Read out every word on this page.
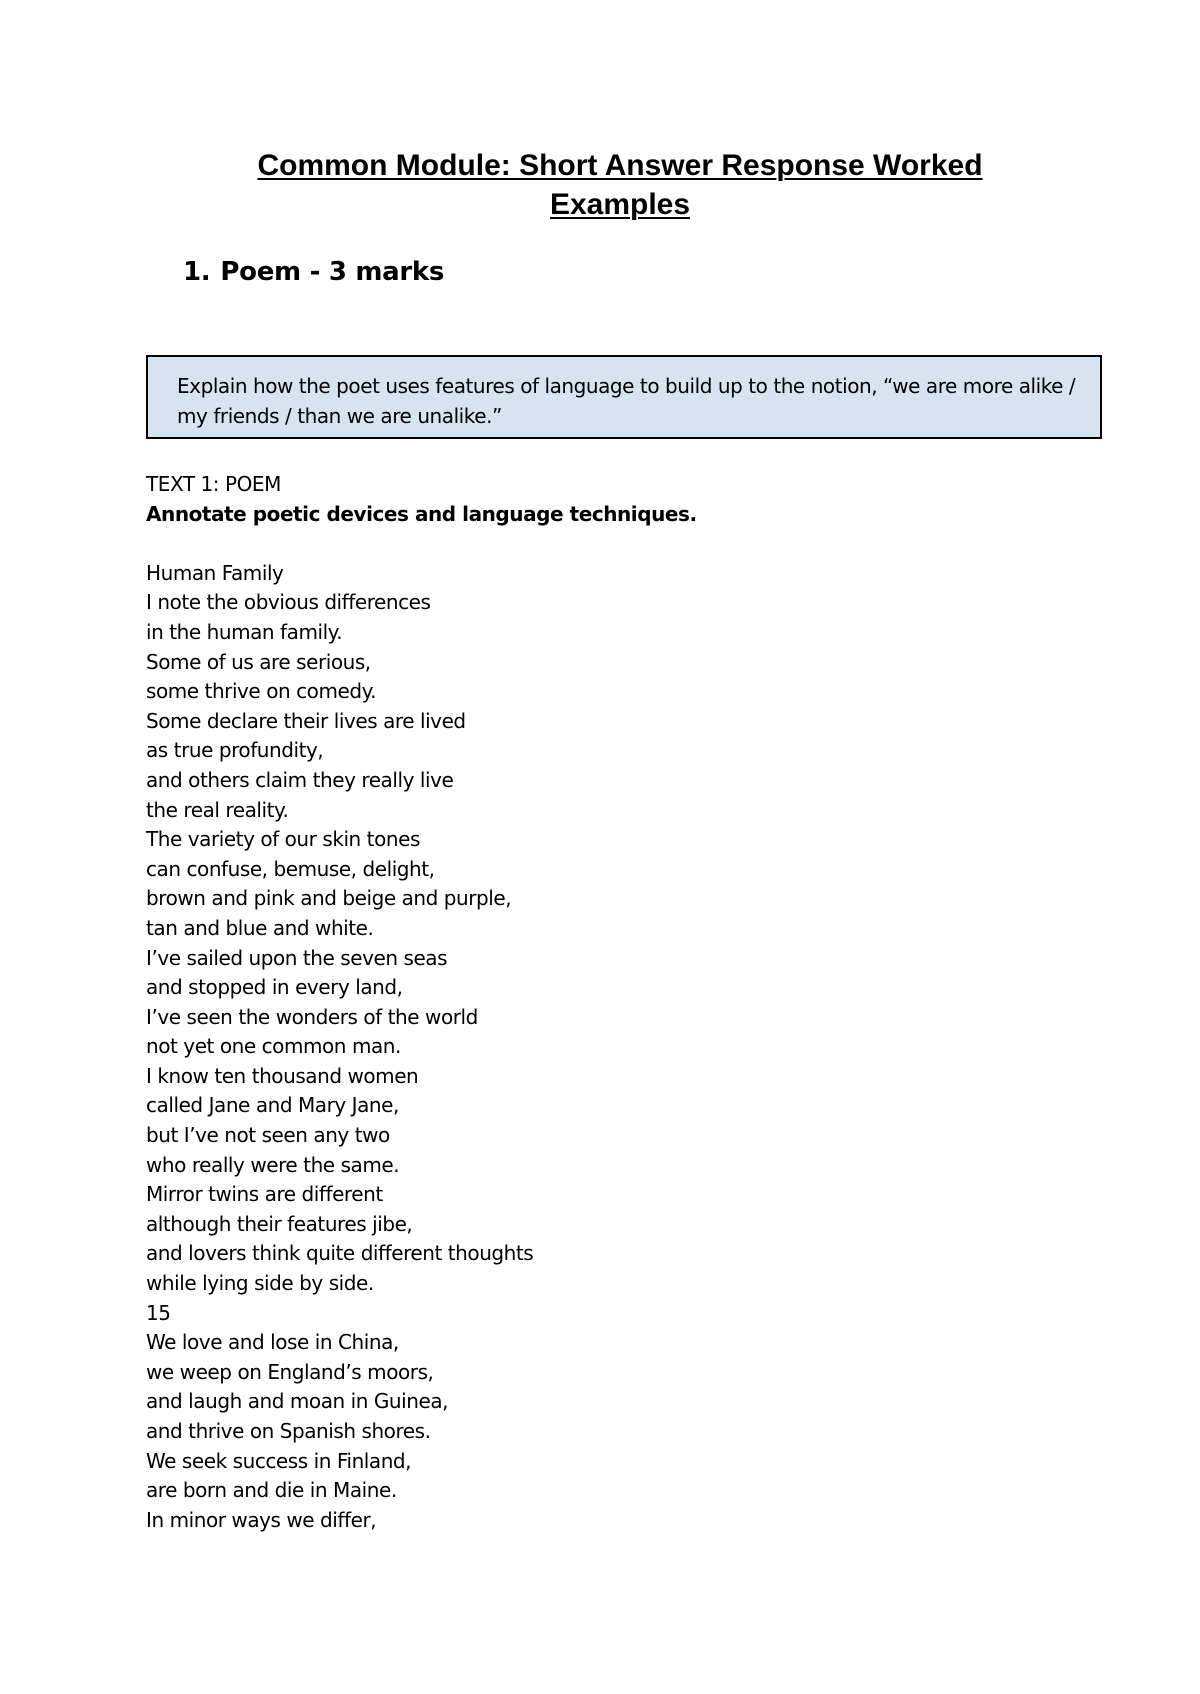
Common Module: Short Answer Response Worked
Examples
1. Poem - 3 marks
Explain how the poet uses features of language to build up to the notion, “we are more alike / my friends / than we are unalike.”
TEXT 1: POEM
Annotate poetic devices and language techniques.
Human Family
I note the obvious differences
in the human family.
Some of us are serious,
some thrive on comedy.
Some declare their lives are lived
as true profundity,
and others claim they really live
the real reality.
The variety of our skin tones
can confuse, bemuse, delight,
brown and pink and beige and purple,
tan and blue and white.
I’ve sailed upon the seven seas
and stopped in every land,
I’ve seen the wonders of the world
not yet one common man.
I know ten thousand women
called Jane and Mary Jane,
but I’ve not seen any two
who really were the same.
Mirror twins are different
although their features jibe,
and lovers think quite different thoughts
while lying side by side.
15
We love and lose in China,
we weep on England’s moors,
and laugh and moan in Guinea,
and thrive on Spanish shores.
We seek success in Finland,
are born and die in Maine.
In minor ways we differ,
